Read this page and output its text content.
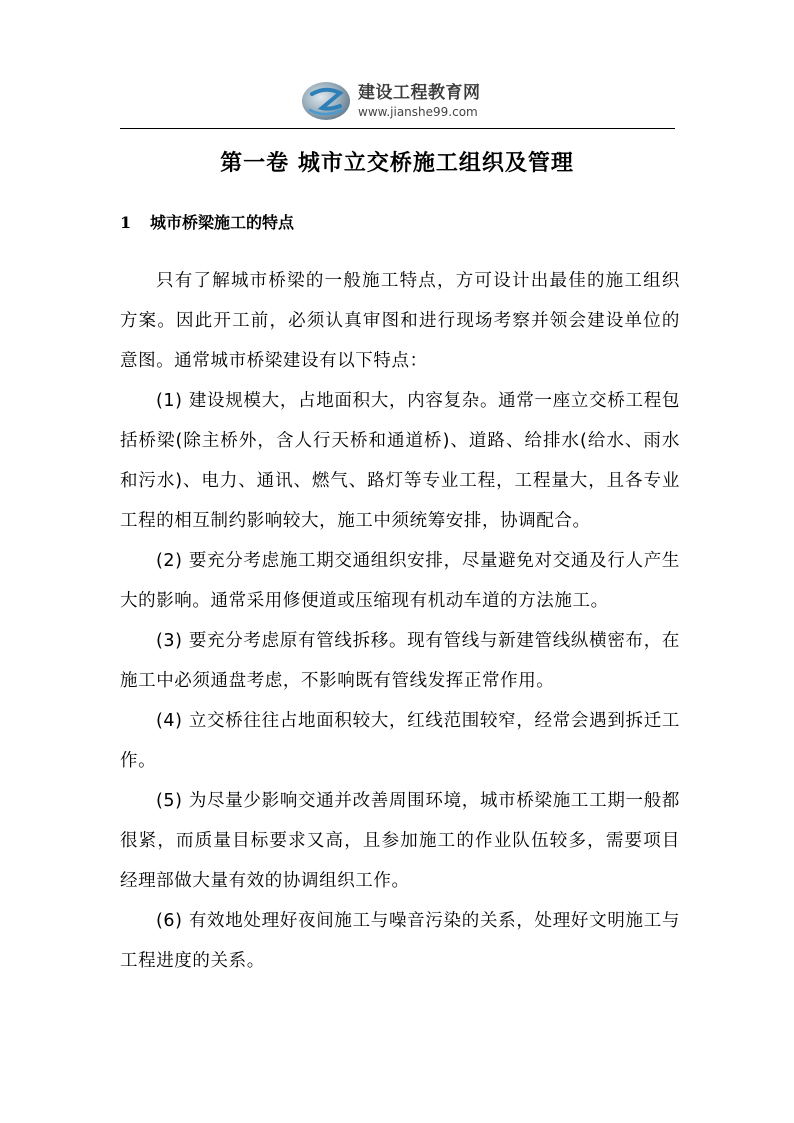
建设工程教育网
www.jianshe99.com
第一卷 城市立交桥施工组织及管理
1 城市桥梁施工的特点

只有了解城市桥梁的一般施工特点，方可设计出最佳的施工组织方案。因此开工前，必须认真审图和进行现场考察并领会建设单位的意图。通常城市桥梁建设有以下特点：

(1) 建设规模大，占地面积大，内容复杂。通常一座立交桥工程包括桥梁(除主桥外，含人行天桥和通道桥)、道路、给排水(给水、雨水和污水)、电力、通讯、燃气、路灯等专业工程，工程量大，且各专业工程的相互制约影响较大，施工中须统筹安排，协调配合。

(2) 要充分考虑施工期交通组织安排，尽量避免对交通及行人产生大的影响。通常采用修便道或压缩现有机动车道的方法施工。

(3) 要充分考虑原有管线拆移。现有管线与新建管线纵横密布，在施工中必须通盘考虑，不影响既有管线发挥正常作用。

(4) 立交桥往往占地面积较大，红线范围较窄，经常会遇到拆迁工作。

(5) 为尽量少影响交通并改善周围环境，城市桥梁施工工期一般都很紧，而质量目标要求又高，且参加施工的作业队伍较多，需要项目经理部做大量有效的协调组织工作。

(6) 有效地处理好夜间施工与噪音污染的关系，处理好文明施工与工程进度的关系。
